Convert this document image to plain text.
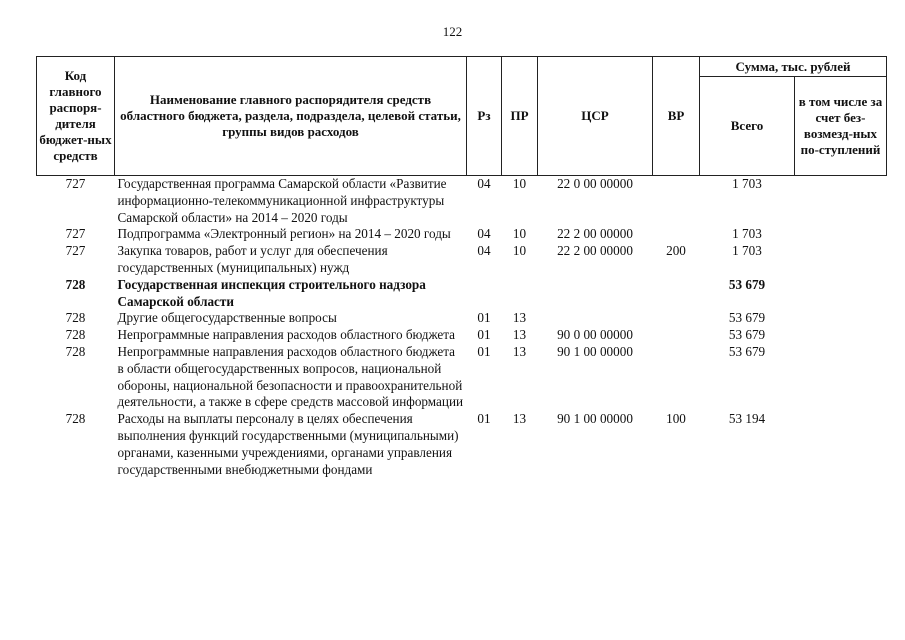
122
Код главного распоря-дителя бюджет-ных средств	Наименование главного распорядителя средств областного бюджета, раздела, подраздела, целевой статьи, группы видов расходов	Рз	ПР	ЦСР	ВР	Сумма, тыс. рублей	
						Всего	в том числе за счет без-возмезд-ных по-ступлений
727	Государственная программа Самарской области «Развитие информационно-телекоммуникационной инфраструктуры Самарской области» на 2014 – 2020 годы	04	10	22 0 00 00000		1 703	
727	Подпрограмма «Электронный регион» на 2014 – 2020 годы	04	10	22 2 00 00000		1 703	
727	Закупка товаров, работ и услуг для обеспечения государственных (муниципальных) нужд	04	10	22 2 00 00000	200	1 703	
728	Государственная инспекция строительного надзора Самарской области					53 679	
728	Другие общегосударственные вопросы	01	13			53 679	
728	Непрограммные направления расходов областного бюджета	01	13	90 0 00 00000		53 679	
728	Непрограммные направления расходов областного бюджета в области общегосударственных вопросов, национальной обороны, национальной безопасности и правоохранительной деятельности, а также в сфере средств массовой информации	01	13	90 1 00 00000		53 679	
728	Расходы на выплаты персоналу в целях обеспечения выполнения функций государственными (муниципальными) органами, казенными учреждениями, органами управления государственными внебюджетными фондами	01	13	90 1 00 00000	100	53 194	
